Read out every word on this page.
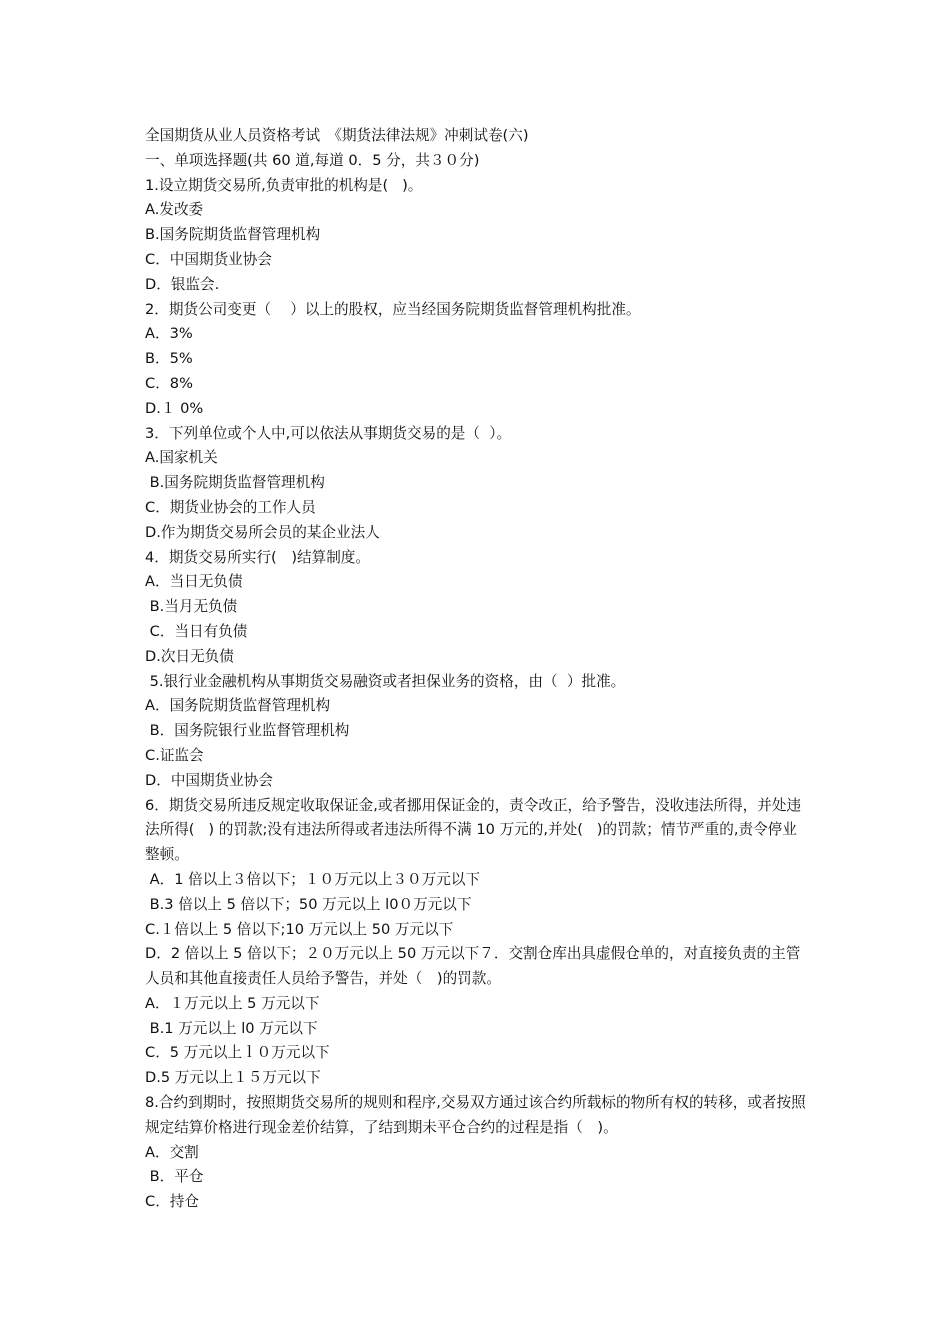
全国期货从业人员资格考试　《期货法律法规》冲刺试卷(六)
一、单项选择题(共 60 道,每道 0．5 分，共３０分)
1.设立期货交易所,负责审批的机构是(   )。
A.发改委
B.国务院期货监督管理机构
C．中国期货业协会
D．银监会.
2．期货公司变更（　 ）以上的股权，应当经国务院期货监督管理机构批准。
A．3%
B．5%
C．8%
D.１ 0%
3．下列单位或个人中,可以依法从事期货交易的是（  ）。
A.国家机关
B.国务院期货监督管理机构
C．期货业协会的工作人员
D.作为期货交易所会员的某企业法人
4．期货交易所实行(　)结算制度。
A．当日无负债
B.当月无负债
C．当日有负债
D.次日无负债
5.银行业金融机构从事期货交易融资或者担保业务的资格，由（  ）批准。
A．国务院期货监督管理机构
B．国务院银行业监督管理机构
C.证监会
D．中国期货业协会
6．期货交易所违反规定收取保证金,或者挪用保证金的，责令改正，给予警告，没收违法所得，并处违法所得(   ) 的罚款;没有违法所得或者违法所得不满 10 万元的,并处(   )的罚款；情节严重的,责令停业整顿。
A．1 倍以上３倍以下；１０万元以上３０万元以下
B.3 倍以上 5 倍以下；50 万元以上 l0０万元以下
C.１倍以上 5 倍以下;10 万元以上 50 万元以下
D．2 倍以上 5 倍以下；２０万元以上 50 万元以下７．交割仓库出具虚假仓单的，对直接负责的主管人员和其他直接责任人员给予警告，并处（　)的罚款。
A．１万元以上 5 万元以下
B.1 万元以上 l0 万元以下
C．5 万元以上ｌ０万元以下
D.5 万元以上１５万元以下
8.合约到期时，按照期货交易所的规则和程序,交易双方通过该合约所载标的物所有权的转移，或者按照规定结算价格进行现金差价结算，了结到期未平仓合约的过程是指（　)。
A．交割
B．平仓
C．持仓
